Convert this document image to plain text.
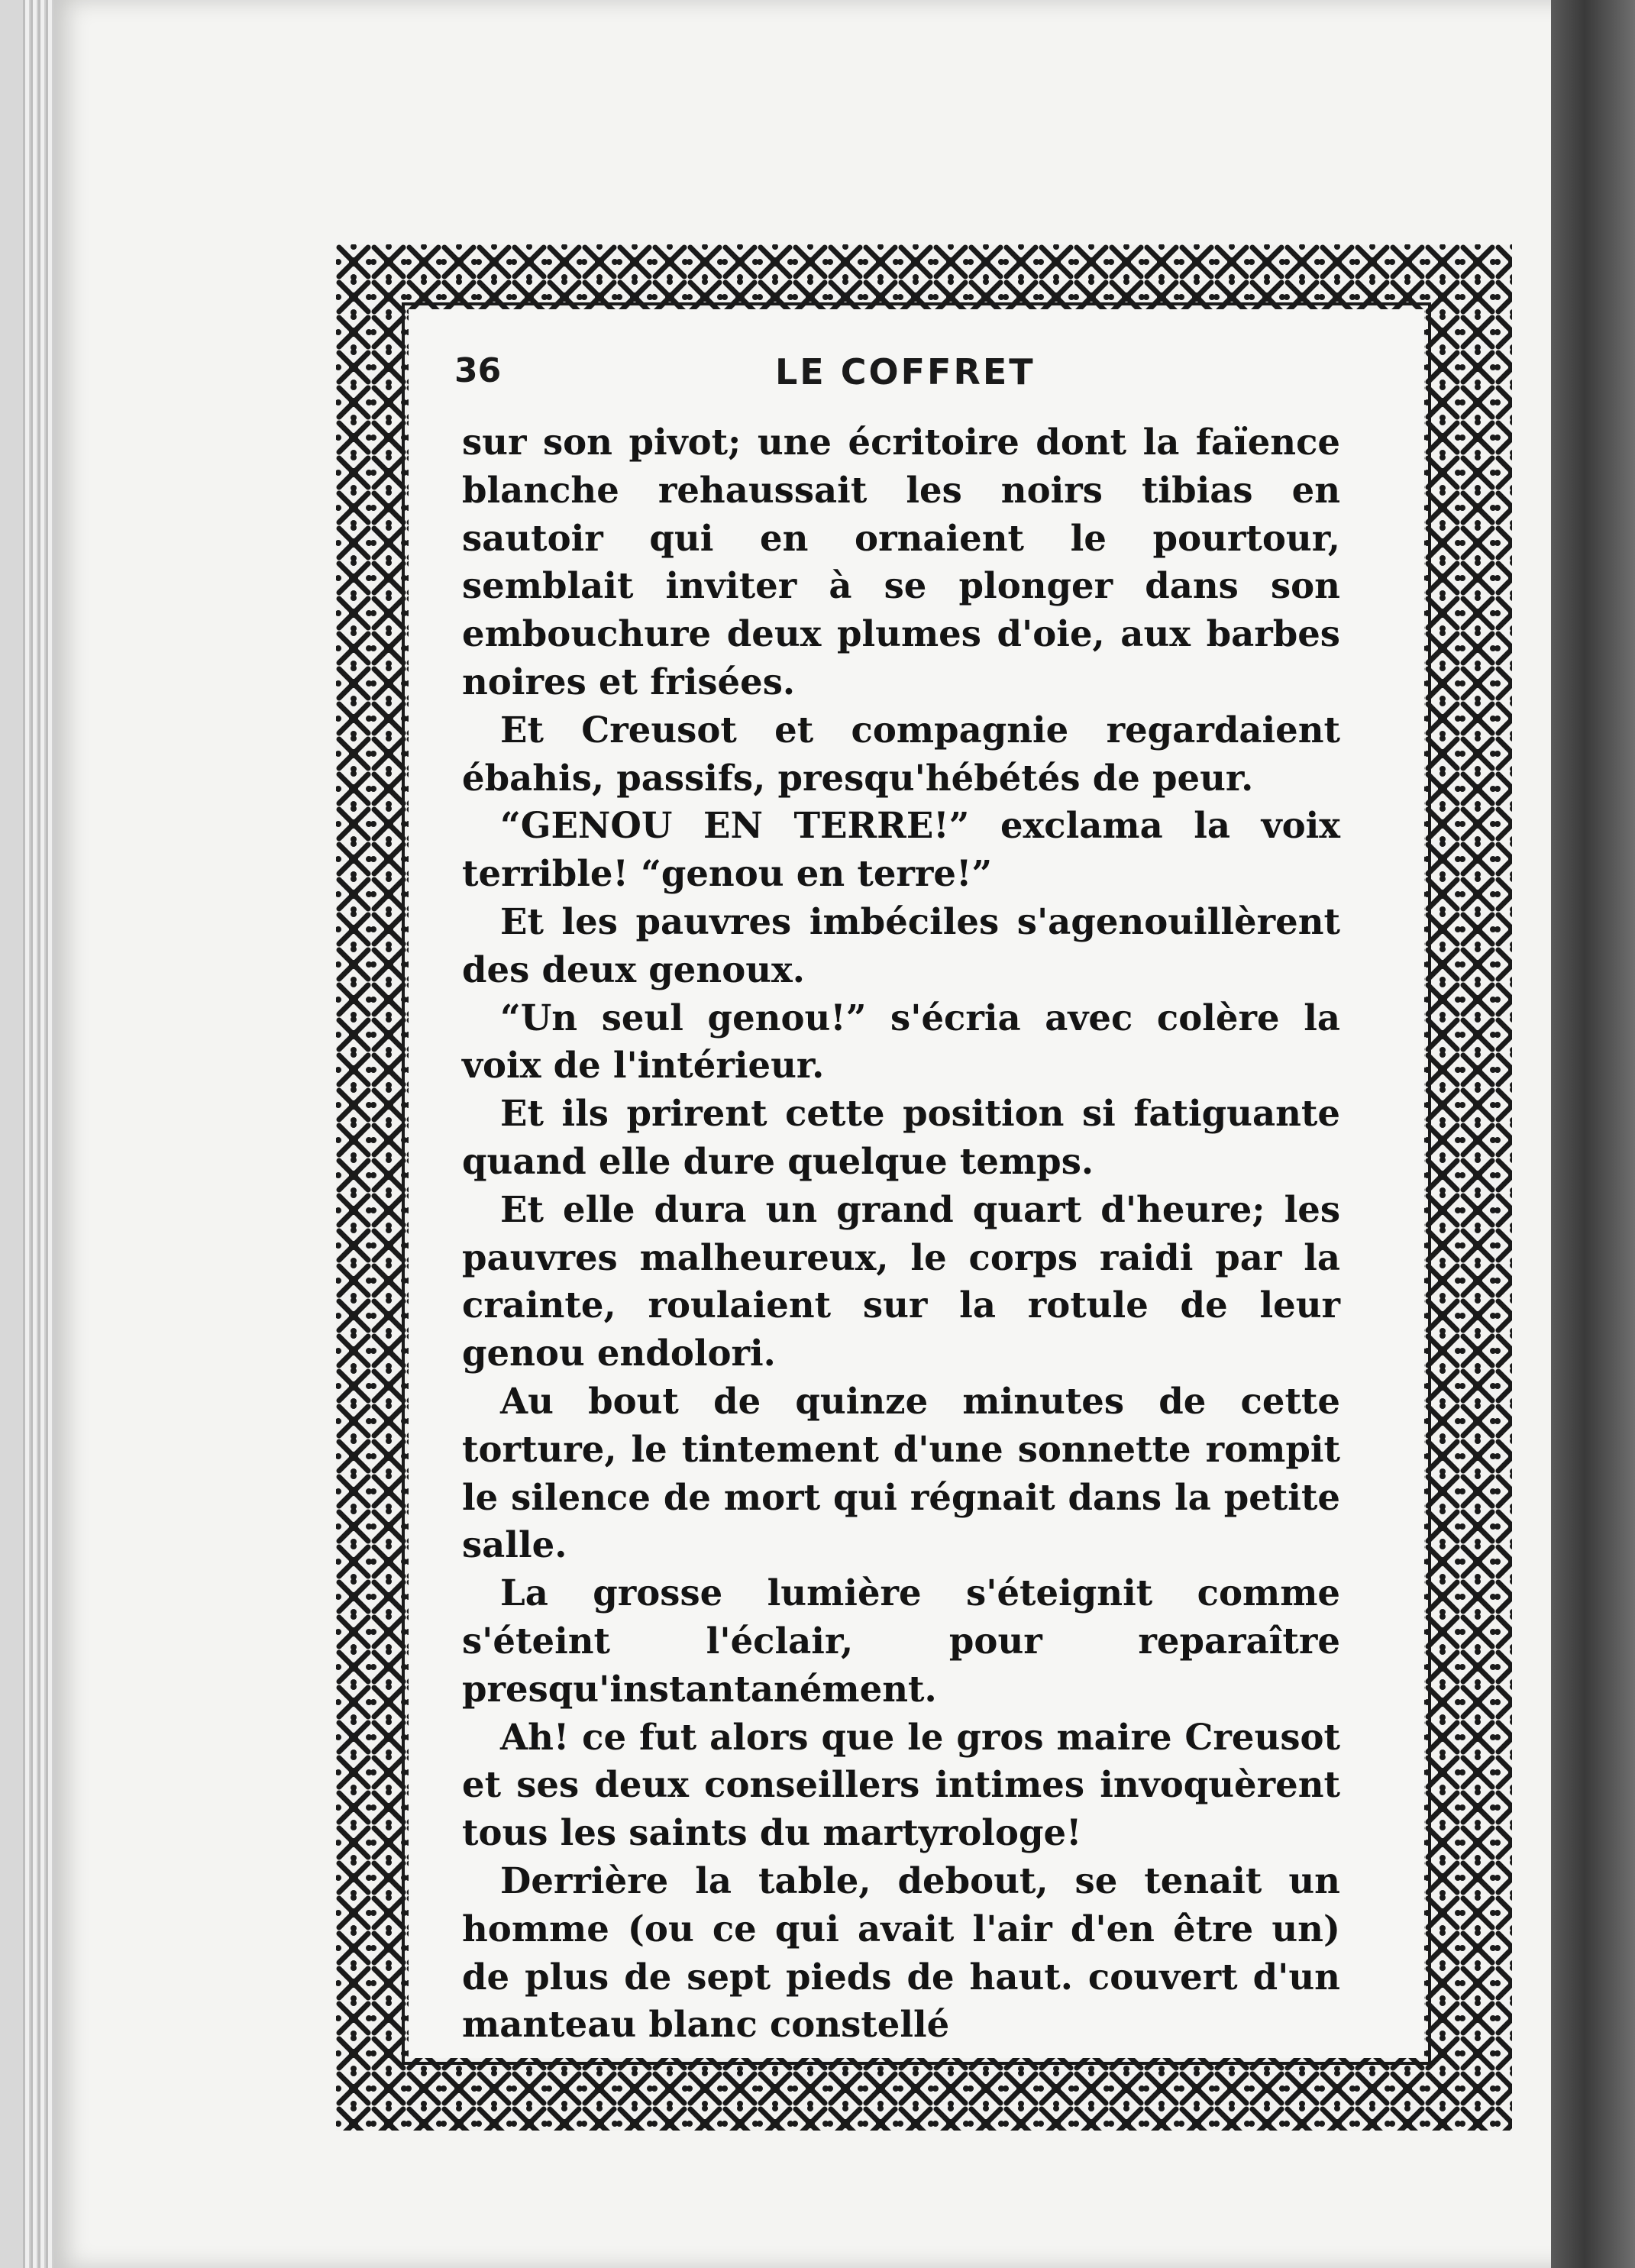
36	LE COFFRET

sur son pivot; une écritoire dont la faïence blanche rehaussait les noirs tibias en sautoir qui en ornaient le pourtour, semblait inviter à se plonger dans son embouchure deux plumes d'oie, aux barbes noires et frisées.

Et Creusot et compagnie regardaient ébahis, passifs, presqu'hébétés de peur.

“GENOU EN TERRE!” exclama la voix terrible! “genou en terre!”

Et les pauvres imbéciles s'agenouillèrent des deux genoux.

“Un seul genou!” s'écria avec colère la voix de l'intérieur.

Et ils prirent cette position si fatiguante quand elle dure quelque temps.

Et elle dura un grand quart d'heure; les pauvres malheureux, le corps raidi par la crainte, roulaient sur la rotule de leur genou endolori.

Au bout de quinze minutes de cette torture, le tintement d'une sonnette rompit le silence de mort qui régnait dans la petite salle.

La grosse lumière s'éteignit comme s'éteint l'éclair, pour reparaître presqu'instantanément.

Ah! ce fut alors que le gros maire Creusot et ses deux conseillers intimes invoquèrent tous les saints du martyrologe!

Derrière la table, debout, se tenait un homme (ou ce qui avait l'air d'en être un) de plus de sept pieds de haut. couvert d'un manteau blanc constellé
